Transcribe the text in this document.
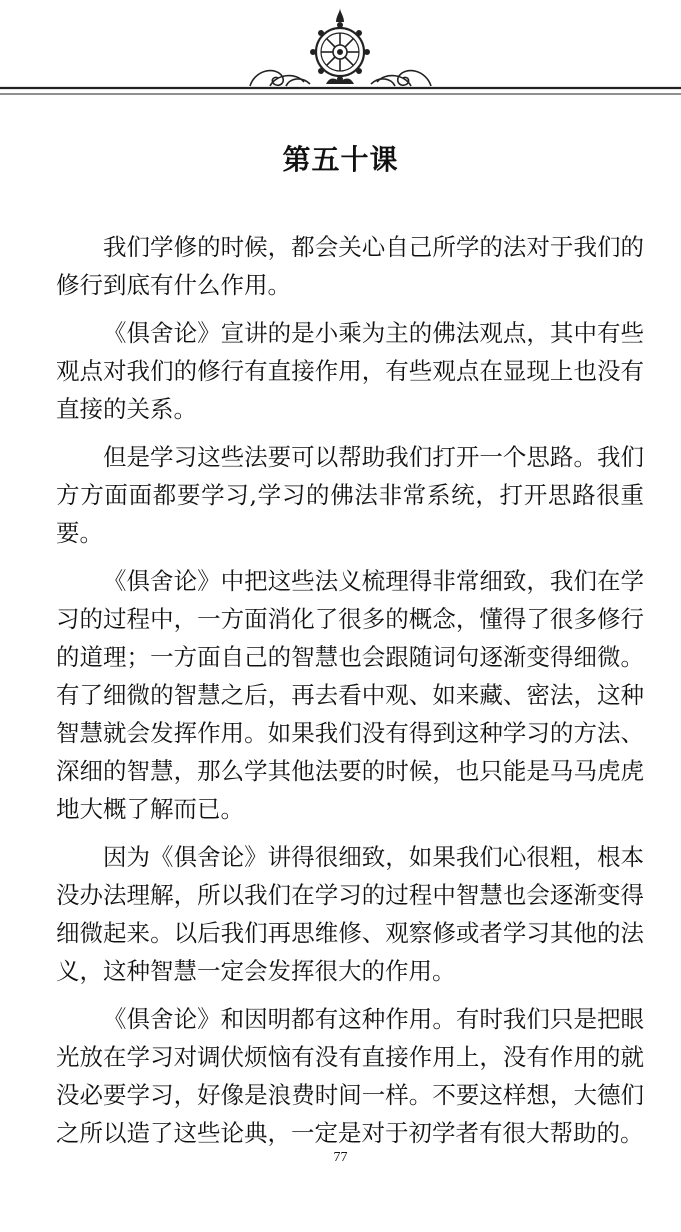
第五十课

我们学修的时候，都会关心自己所学的法对于我们的修行到底有什么作用。

《俱舍论》宣讲的是小乘为主的佛法观点，其中有些观点对我们的修行有直接作用，有些观点在显现上也没有直接的关系。

但是学习这些法要可以帮助我们打开一个思路。我们方方面面都要学习,学习的佛法非常系统，打开思路很重要。

《俱舍论》中把这些法义梳理得非常细致，我们在学习的过程中，一方面消化了很多的概念，懂得了很多修行的道理；一方面自己的智慧也会跟随词句逐渐变得细微。有了细微的智慧之后，再去看中观、如来藏、密法，这种智慧就会发挥作用。如果我们没有得到这种学习的方法、深细的智慧，那么学其他法要的时候，也只能是马马虎虎地大概了解而已。

因为《俱舍论》讲得很细致，如果我们心很粗，根本没办法理解，所以我们在学习的过程中智慧也会逐渐变得细微起来。以后我们再思维修、观察修或者学习其他的法义，这种智慧一定会发挥很大的作用。

《俱舍论》和因明都有这种作用。有时我们只是把眼光放在学习对调伏烦恼有没有直接作用上，没有作用的就没必要学习，好像是浪费时间一样。不要这样想，大德们之所以造了这些论典，一定是对于初学者有很大帮助的。

77
